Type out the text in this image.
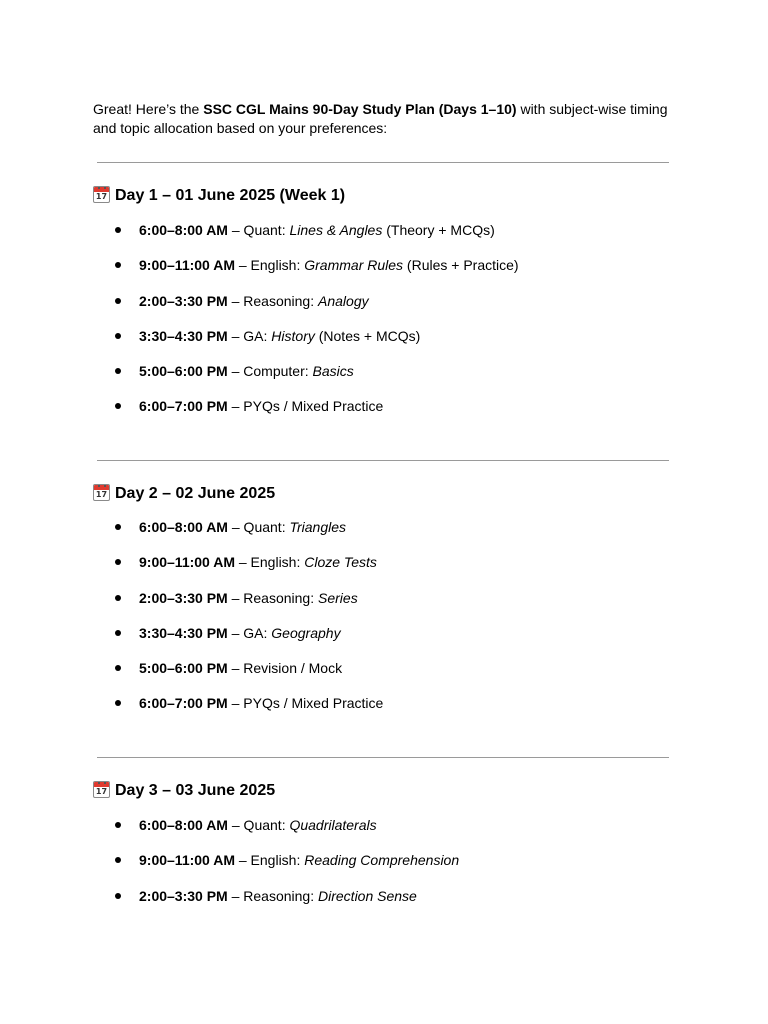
Great! Here’s the SSC CGL Mains 90-Day Study Plan (Days 1–10) with subject-wise timing and topic allocation based on your preferences:

17 Day 1 – 01 June 2025 (Week 1)
6:00–8:00 AM – Quant: Lines & Angles (Theory + MCQs)
9:00–11:00 AM – English: Grammar Rules (Rules + Practice)
2:00–3:30 PM – Reasoning: Analogy
3:30–4:30 PM – GA: History (Notes + MCQs)
5:00–6:00 PM – Computer: Basics
6:00–7:00 PM – PYQs / Mixed Practice
17 Day 2 – 02 June 2025
6:00–8:00 AM – Quant: Triangles
9:00–11:00 AM – English: Cloze Tests
2:00–3:30 PM – Reasoning: Series
3:30–4:30 PM – GA: Geography
5:00–6:00 PM – Revision / Mock
6:00–7:00 PM – PYQs / Mixed Practice
17 Day 3 – 03 June 2025
6:00–8:00 AM – Quant: Quadrilaterals
9:00–11:00 AM – English: Reading Comprehension
2:00–3:30 PM – Reasoning: Direction Sense
